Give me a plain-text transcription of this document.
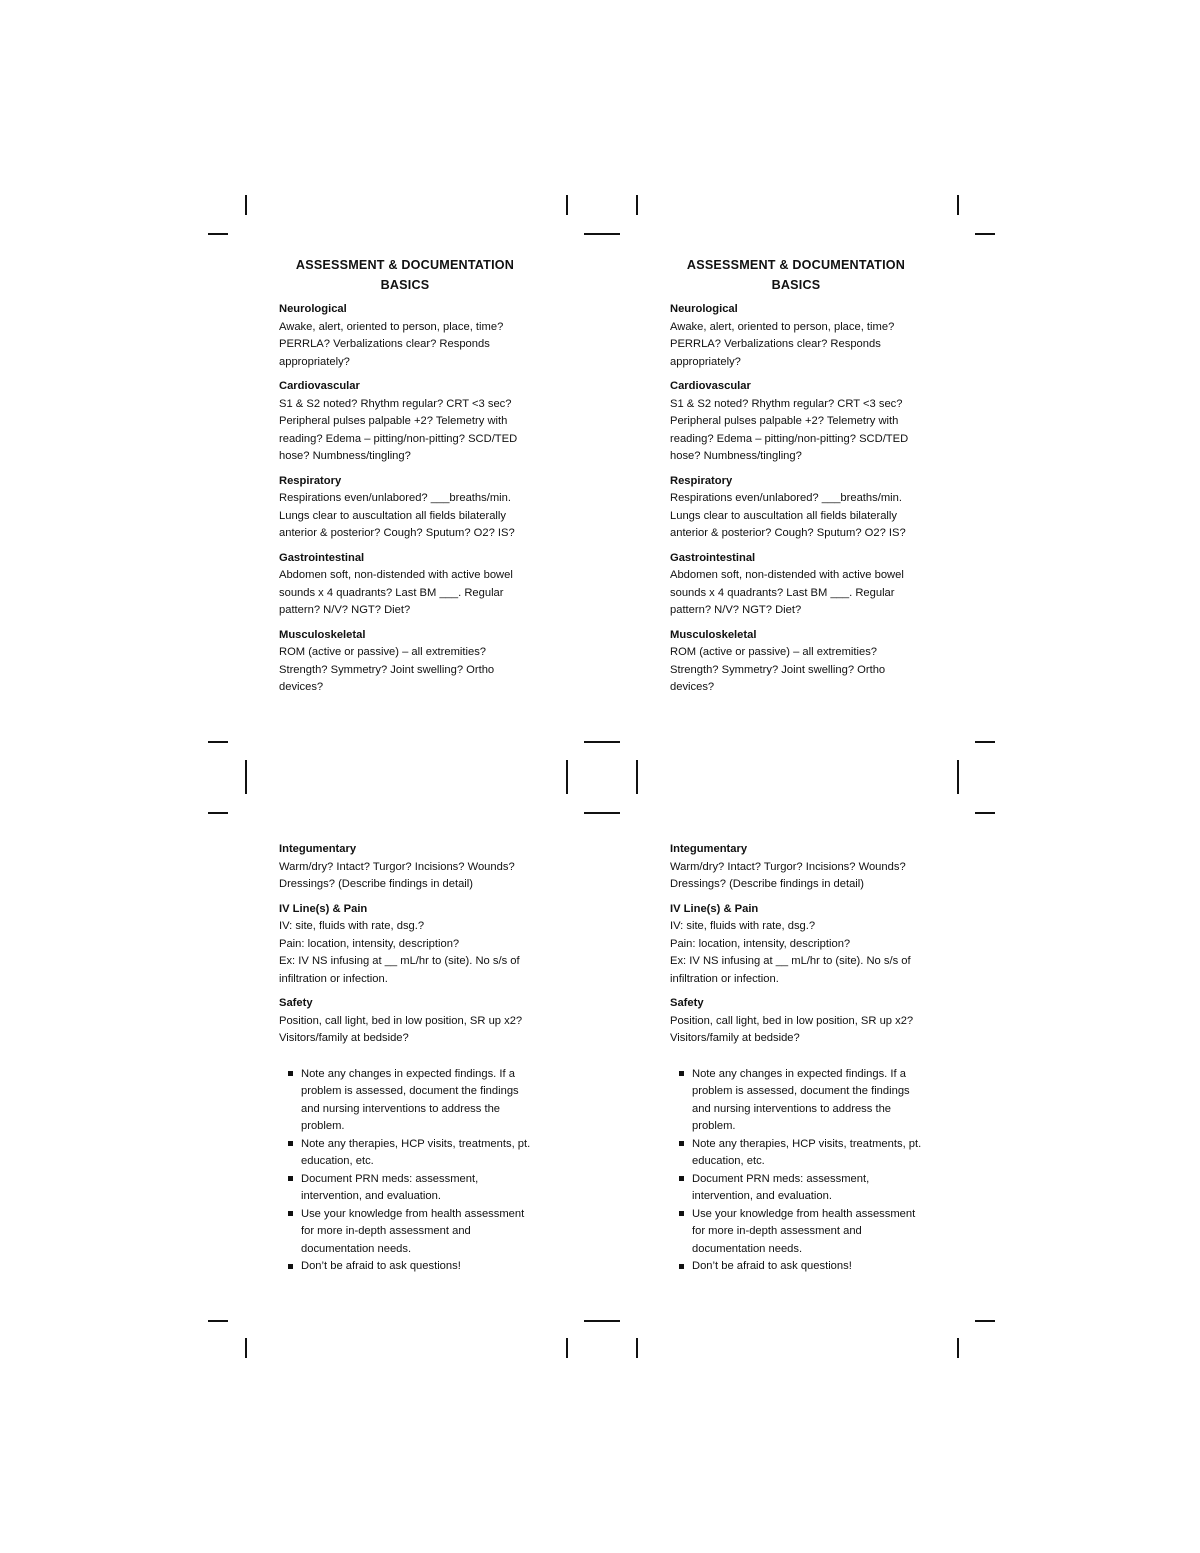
ASSESSMENT & DOCUMENTATION
BASICS
Neurological
Awake, alert, oriented to person, place, time? PERRLA? Verbalizations clear? Responds appropriately?
Cardiovascular
S1 & S2 noted? Rhythm regular? CRT <3 sec? Peripheral pulses palpable +2? Telemetry with reading? Edema – pitting/non-pitting? SCD/TED hose? Numbness/tingling?
Respiratory
Respirations even/unlabored? ___breaths/min. Lungs clear to auscultation all fields bilaterally anterior & posterior? Cough? Sputum? O2? IS?
Gastrointestinal
Abdomen soft, non-distended with active bowel sounds x 4 quadrants? Last BM ___. Regular pattern? N/V? NGT? Diet?
Musculoskeletal
ROM (active or passive) – all extremities? Strength? Symmetry? Joint swelling? Ortho devices?
ASSESSMENT & DOCUMENTATION
BASICS
Neurological
Awake, alert, oriented to person, place, time? PERRLA? Verbalizations clear? Responds appropriately?
Cardiovascular
S1 & S2 noted? Rhythm regular? CRT <3 sec? Peripheral pulses palpable +2? Telemetry with reading? Edema – pitting/non-pitting? SCD/TED hose? Numbness/tingling?
Respiratory
Respirations even/unlabored? ___breaths/min. Lungs clear to auscultation all fields bilaterally anterior & posterior? Cough? Sputum? O2? IS?
Gastrointestinal
Abdomen soft, non-distended with active bowel sounds x 4 quadrants? Last BM ___. Regular pattern? N/V? NGT? Diet?
Musculoskeletal
ROM (active or passive) – all extremities? Strength? Symmetry? Joint swelling? Ortho devices?
Integumentary
Warm/dry? Intact? Turgor? Incisions? Wounds? Dressings? (Describe findings in detail)
IV Line(s) & Pain
IV: site, fluids with rate, dsg.?
Pain: location, intensity, description?
Ex: IV NS infusing at __ mL/hr to (site). No s/s of infiltration or infection.
Safety
Position, call light, bed in low position, SR up x2? Visitors/family at bedside?
Note any changes in expected findings. If a problem is assessed, document the findings and nursing interventions to address the problem.
Note any therapies, HCP visits, treatments, pt. education, etc.
Document PRN meds: assessment, intervention, and evaluation.
Use your knowledge from health assessment for more in-depth assessment and documentation needs.
Don’t be afraid to ask questions!
Integumentary
Warm/dry? Intact? Turgor? Incisions? Wounds? Dressings? (Describe findings in detail)
IV Line(s) & Pain
IV: site, fluids with rate, dsg.?
Pain: location, intensity, description?
Ex: IV NS infusing at __ mL/hr to (site). No s/s of infiltration or infection.
Safety
Position, call light, bed in low position, SR up x2? Visitors/family at bedside?
Note any changes in expected findings. If a problem is assessed, document the findings and nursing interventions to address the problem.
Note any therapies, HCP visits, treatments, pt. education, etc.
Document PRN meds: assessment, intervention, and evaluation.
Use your knowledge from health assessment for more in-depth assessment and documentation needs.
Don’t be afraid to ask questions!
